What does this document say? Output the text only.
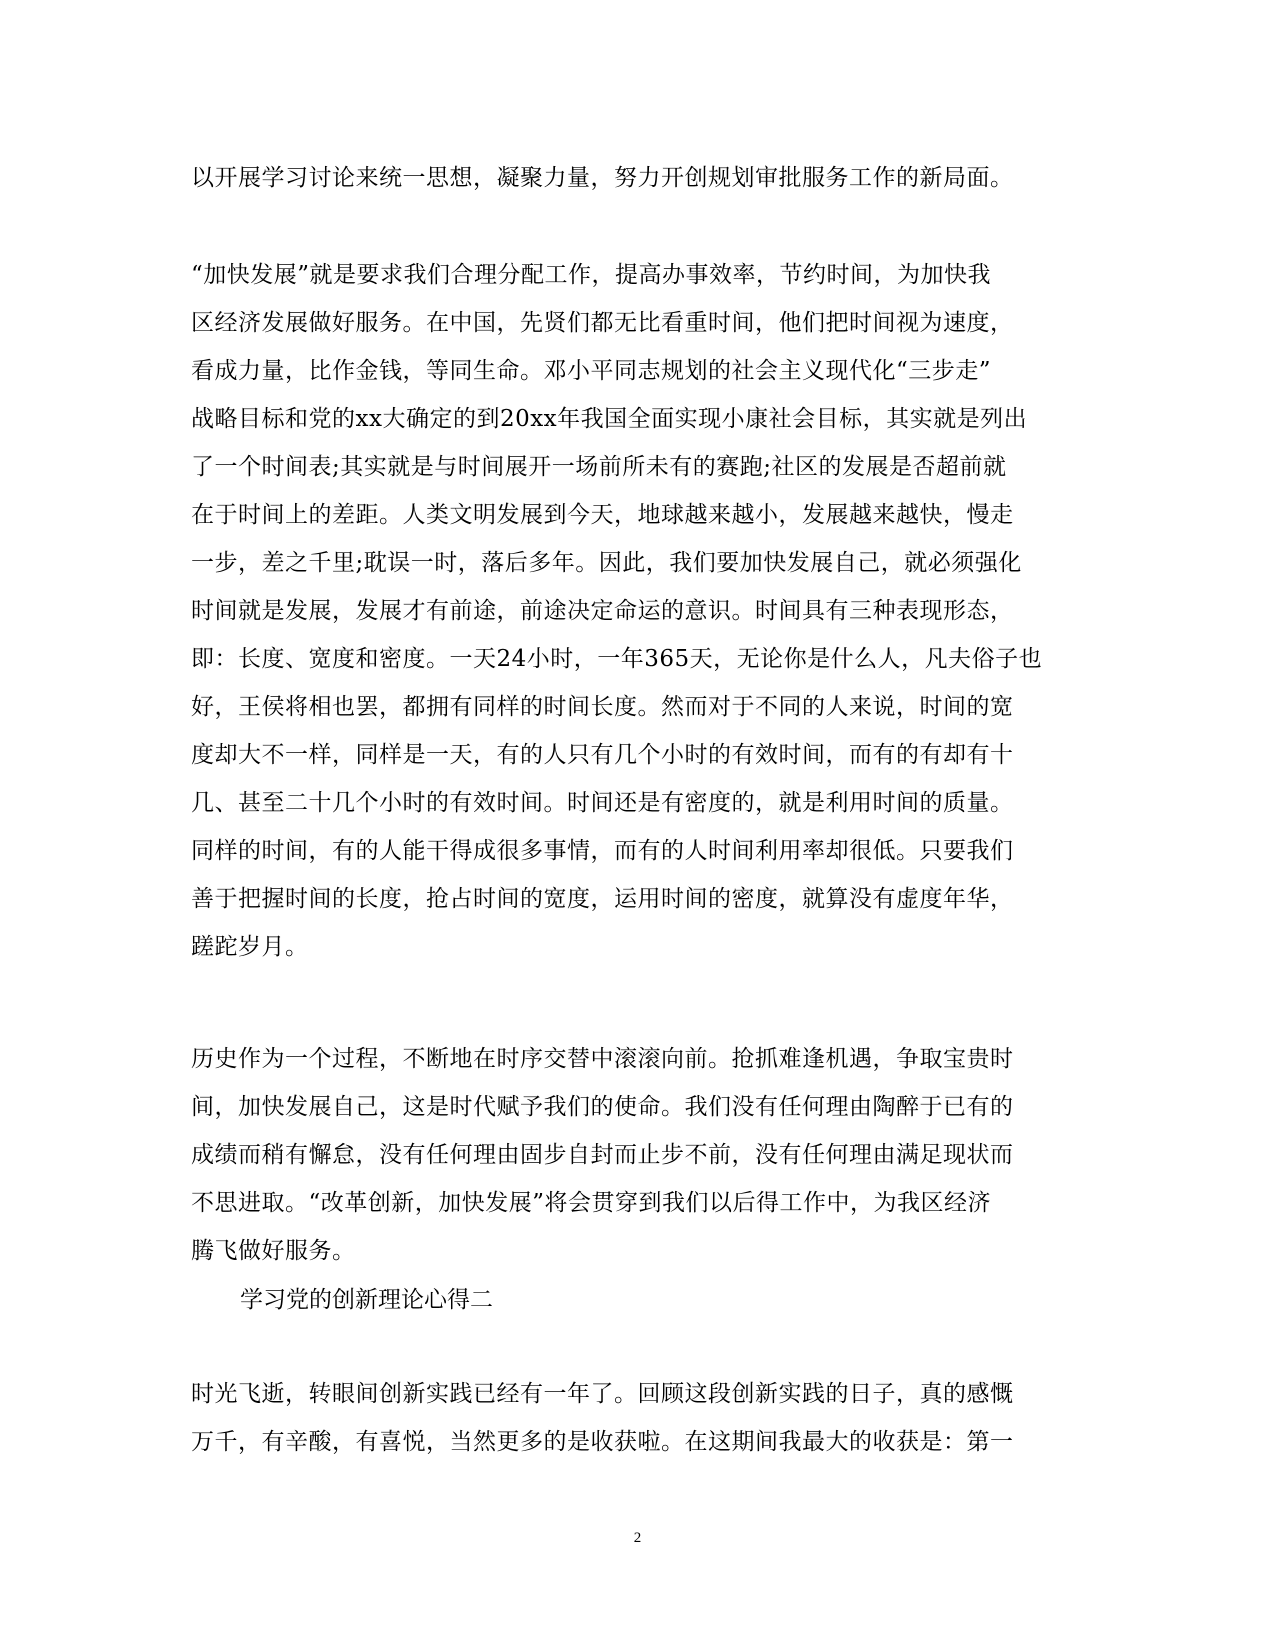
以开展学习讨论来统一思想，凝聚力量，努力开创规划审批服务工作的新局面。
“加快发展”就是要求我们合理分配工作，提高办事效率，节约时间，为加快我
区经济发展做好服务。在中国，先贤们都无比看重时间，他们把时间视为速度，
看成力量，比作金钱，等同生命。邓小平同志规划的社会主义现代化“三步走”
战略目标和党的xx大确定的到20xx年我国全面实现小康社会目标，其实就是列出
了一个时间表;其实就是与时间展开一场前所未有的赛跑;社区的发展是否超前就
在于时间上的差距。人类文明发展到今天，地球越来越小，发展越来越快，慢走
一步，差之千里;耽误一时，落后多年。因此，我们要加快发展自己，就必须强化
时间就是发展，发展才有前途，前途决定命运的意识。时间具有三种表现形态，
即：长度、宽度和密度。一天24小时，一年365天，无论你是什么人，凡夫俗子也
好，王侯将相也罢，都拥有同样的时间长度。然而对于不同的人来说，时间的宽
度却大不一样，同样是一天，有的人只有几个小时的有效时间，而有的有却有十
几、甚至二十几个小时的有效时间。时间还是有密度的，就是利用时间的质量。
同样的时间，有的人能干得成很多事情，而有的人时间利用率却很低。只要我们
善于把握时间的长度，抢占时间的宽度，运用时间的密度，就算没有虚度年华，
蹉跎岁月。
历史作为一个过程，不断地在时序交替中滚滚向前。抢抓难逢机遇，争取宝贵时
间，加快发展自己，这是时代赋予我们的使命。我们没有任何理由陶醉于已有的
成绩而稍有懈怠，没有任何理由固步自封而止步不前，没有任何理由满足现状而
不思进取。“改革创新，加快发展”将会贯穿到我们以后得工作中，为我区经济
腾飞做好服务。
学习党的创新理论心得二
时光飞逝，转眼间创新实践已经有一年了。回顾这段创新实践的日子，真的感慨
万千，有辛酸，有喜悦，当然更多的是收获啦。在这期间我最大的收获是：第一
2
